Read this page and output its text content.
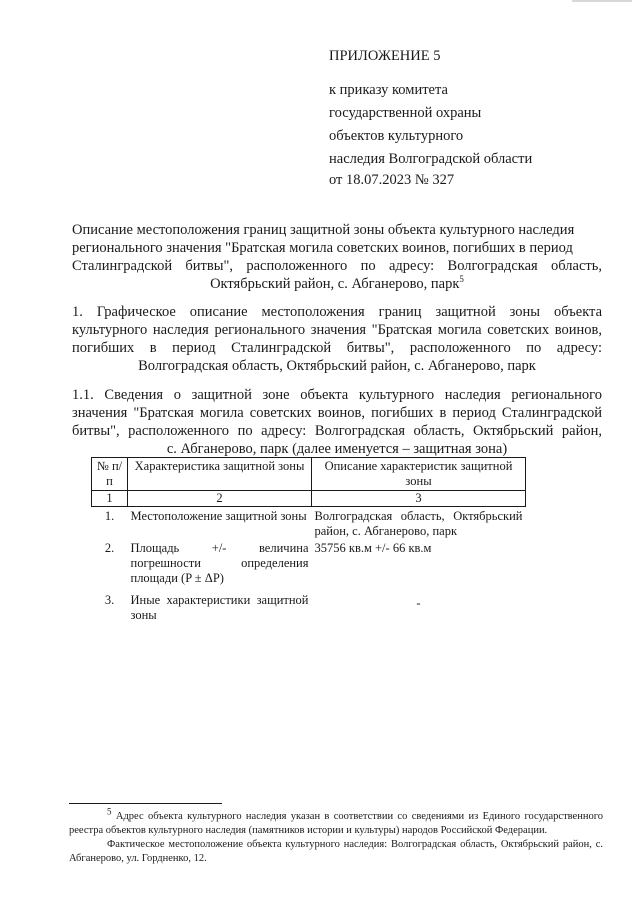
ПРИЛОЖЕНИЕ 5
к приказу комитета
государственной охраны
объектов культурного
наследия Волгоградской области
от 18.07.2023 № 327
Описание местоположения границ защитной зоны объекта культурного наследия
регионального значения "Братская могила советских воинов, погибших в период
Сталинградской битвы", расположенного по адресу: Волгоградская область,
Октябрьский район, с. Абганерово, парк$^5$
1. Графическое описание местоположения границ защитной зоны объекта
культурного наследия регионального значения "Братская могила советских воинов,
погибших в период Сталинградской битвы", расположенного по адресу:
Волгоградская область, Октябрьский район, с. Абганерово, парк
1.1. Сведения о защитной зоне объекта культурного наследия регионального
значения "Братская могила советских воинов, погибших в период Сталинградской
битвы", расположенного по адресу: Волгоградская область, Октябрьский район,
с. Абганерово, парк (далее именуется – защитная зона)
№ п/п	Характеристика защитной зоны	Описание характеристик защитной зоны
1	2	3
1.	Местоположение защитной зоны	Волгоградская область, Октябрьский район, с. Абганерово, парк
2.	Площадь +/- величина погрешности определения площади (P ± ΔP)	35756 кв.м +/- 66 кв.м
3.	Иные характеристики защитной зоны	-
$^5$ Адрес объекта культурного наследия указан в соответствии со сведениями из Единого государственного реестра объектов культурного наследия (памятников истории и культуры) народов Российской Федерации.
Фактическое местоположение объекта культурного наследия: Волгоградская область, Октябрьский район, с. Абганерово, ул. Гордненко, 12.
